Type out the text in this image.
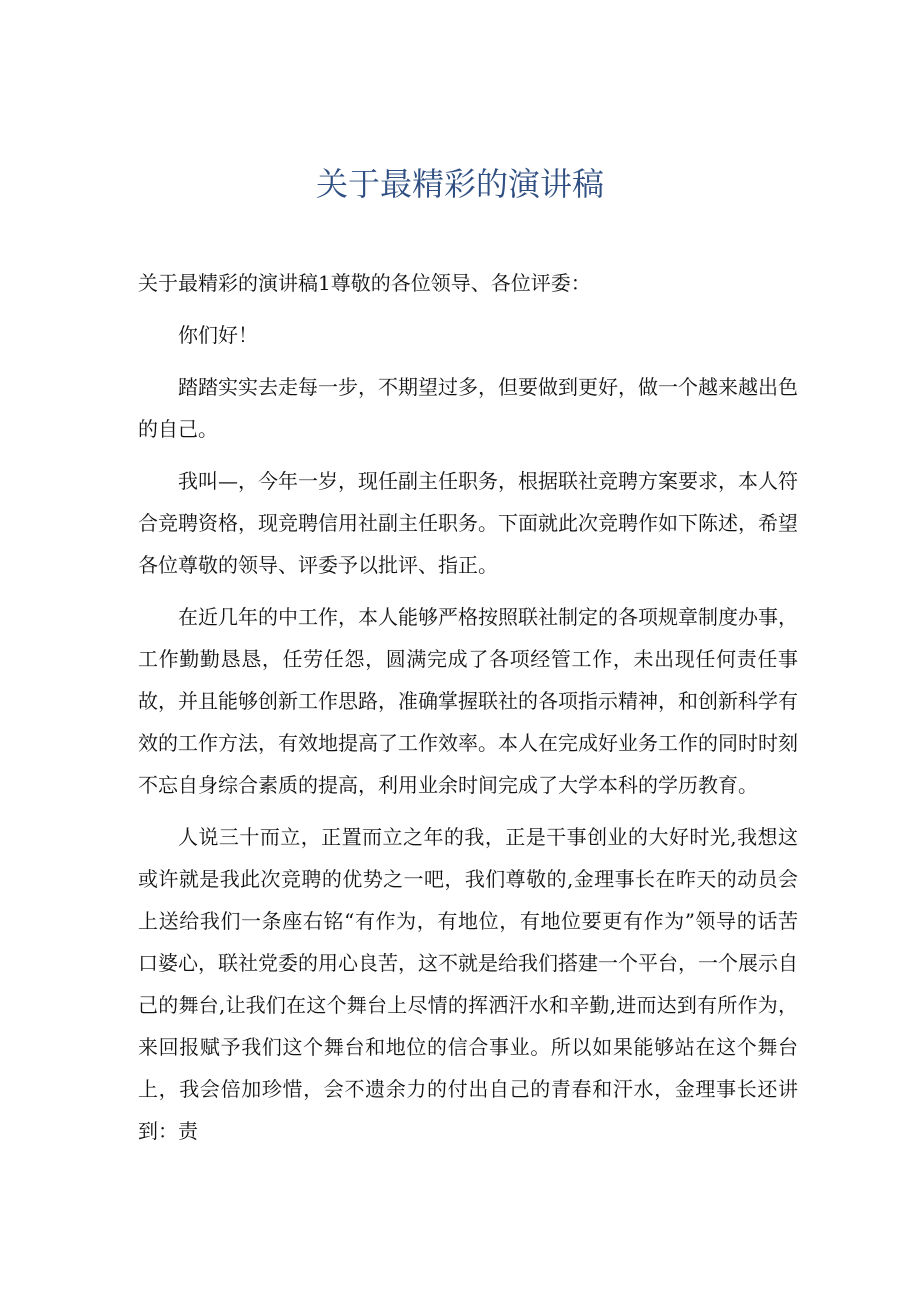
关于最精彩的演讲稿

关于最精彩的演讲稿1尊敬的各位领导、各位评委：

你们好！

踏踏实实去走每一步，不期望过多，但要做到更好，做一个越来越出色的自己。

我叫—，今年一岁，现任副主任职务，根据联社竞聘方案要求，本人符合竞聘资格，现竞聘信用社副主任职务。下面就此次竞聘作如下陈述，希望各位尊敬的领导、评委予以批评、指正。

在近几年的中工作，本人能够严格按照联社制定的各项规章制度办事，工作勤勤恳恳，任劳任怨，圆满完成了各项经管工作，未出现任何责任事故，并且能够创新工作思路，准确掌握联社的各项指示精神，和创新科学有效的工作方法，有效地提高了工作效率。本人在完成好业务工作的同时时刻不忘自身综合素质的提高，利用业余时间完成了大学本科的学历教育。

人说三十而立，正置而立之年的我，正是干事创业的大好时光,我想这或许就是我此次竞聘的优势之一吧，我们尊敬的,金理事长在昨天的动员会上送给我们一条座右铭“有作为，有地位，有地位要更有作为”领导的话苦口婆心，联社党委的用心良苦，这不就是给我们搭建一个平台，一个展示自己的舞台,让我们在这个舞台上尽情的挥洒汗水和辛勤,进而达到有所作为，来回报赋予我们这个舞台和地位的信合事业。所以如果能够站在这个舞台上，我会倍加珍惜，会不遗余力的付出自己的青春和汗水，金理事长还讲到：责
